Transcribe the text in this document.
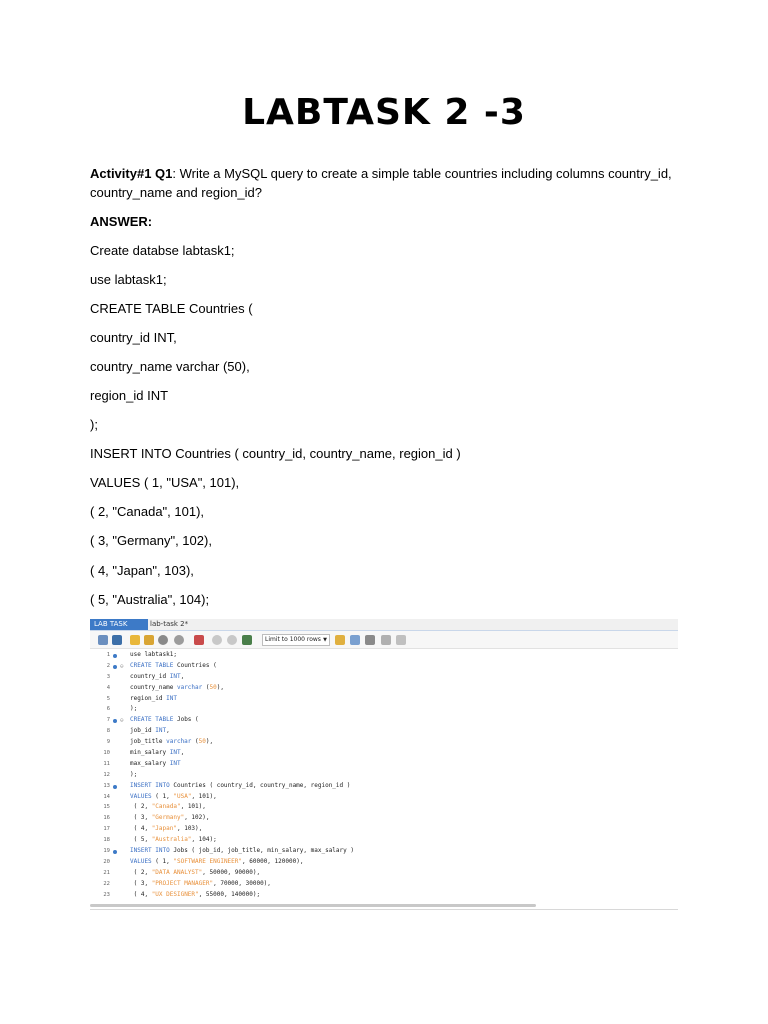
LABTASK 2 -3
Activity#1 Q1: Write a MySQL query to create a simple table countries including columns country_id,
country_name and region_id?
ANSWER:
Create databse labtask1;
use labtask1;
CREATE TABLE Countries (
country_id INT,
country_name varchar (50),
region_id INT
);
INSERT INTO Countries ( country_id, country_name, region_id )
VALUES ( 1, "USA", 101),
( 2, "Canada", 101),
( 3, "Germany", 102),
( 4, "Japan", 103),
( 5, "Australia", 104);
LAB TASK	lab-task 2*
Limit to 1000 rows ▼
1	use labtask1;
2 ⊖ CREATE TABLE Countries (
3	country_id INT,
4	country_name varchar (50),
5	region_id INT
6	);
7 ⊖ CREATE TABLE Jobs (
8	job_id INT,
9	job_title varchar (50),
10	min_salary INT,
11	max_salary INT
12	);
13	INSERT INTO Countries ( country_id, country_name, region_id )
14	VALUES ( 1, "USA", 101),
15	( 2, "Canada", 101),
16	( 3, "Germany", 102),
17	( 4, "Japan", 103),
18	( 5, "Australia", 104);
19	INSERT INTO Jobs ( job_id, job_title, min_salary, max_salary )
20	VALUES ( 1, "SOFTWARE ENGINEER", 60000, 120000),
21	( 2, "DATA ANALYST", 50000, 90000),
22	( 3, "PROJECT MANAGER", 70000, 30000),
23	( 4, "UX DESIGNER", 55000, 140000);
